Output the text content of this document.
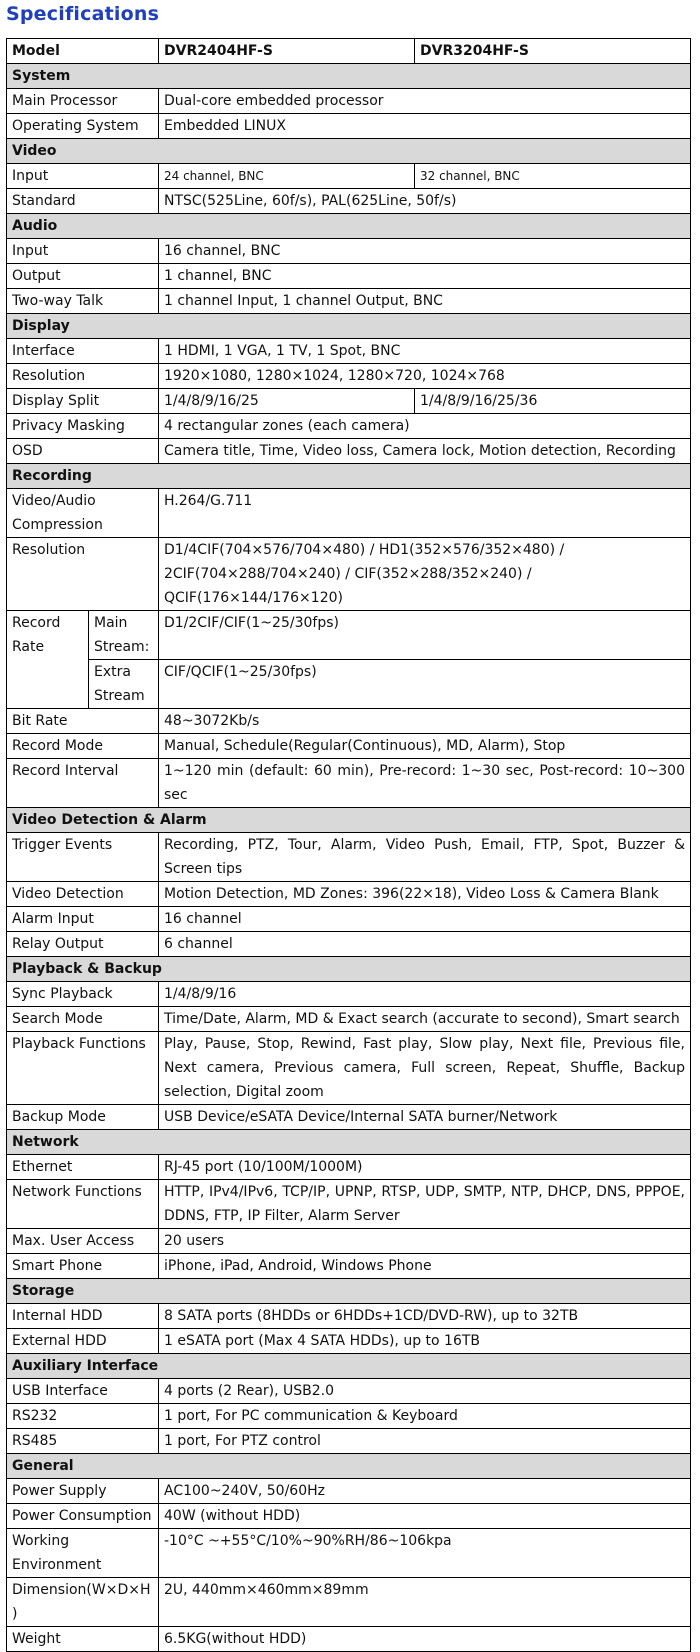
Specifications
Model		DVR2404HF-S	DVR3204HF-S
System			
Main Processor		Dual-core embedded processor	
Operating System		Embedded LINUX	
Video			
Input		24 channel, BNC	32 channel, BNC
Standard		NTSC(525Line, 60f/s), PAL(625Line, 50f/s)	
Audio			
Input		16 channel, BNC	
Output		1 channel, BNC	
Two-way Talk		1 channel Input, 1 channel Output, BNC	
Display			
Interface		1 HDMI, 1 VGA, 1 TV, 1 Spot, BNC	
Resolution		1920×1080, 1280×1024, 1280×720, 1024×768	
Display Split		1/4/8/9/16/25	1/4/8/9/16/25/36
Privacy Masking		4 rectangular zones (each camera)	
OSD		Camera title, Time, Video loss, Camera lock, Motion detection, Recording	
Recording			
Video/Audio Compression		H.264/G.711	
Resolution		D1/4CIF(704×576/704×480) / HD1(352×576/352×480) / 2CIF(704×288/704×240) / CIF(352×288/352×240) / QCIF(176×144/176×120)	
Record Rate	Main Stream:	D1/2CIF/CIF(1~25/30fps)	
	Extra Stream	CIF/QCIF(1~25/30fps)	
Bit Rate		48~3072Kb/s	
Record Mode		Manual, Schedule(Regular(Continuous), MD, Alarm), Stop	
Record Interval		1~120 min (default: 60 min), Pre-record: 1~30 sec, Post-record: 10~300 sec	
Video Detection & Alarm			
Trigger Events		Recording, PTZ, Tour, Alarm, Video Push, Email, FTP, Spot, Buzzer & Screen tips	
Video Detection		Motion Detection, MD Zones: 396(22×18), Video Loss & Camera Blank	
Alarm Input		16 channel	
Relay Output		6 channel	
Playback & Backup			
Sync Playback		1/4/8/9/16	
Search Mode		Time/Date, Alarm, MD & Exact search (accurate to second), Smart search	
Playback Functions		Play, Pause, Stop, Rewind, Fast play, Slow play, Next file, Previous file, Next camera, Previous camera, Full screen, Repeat, Shuffle, Backup selection, Digital zoom	
Backup Mode		USB Device/eSATA Device/Internal SATA burner/Network	
Network			
Ethernet		RJ-45 port (10/100M/1000M)	
Network Functions		HTTP, IPv4/IPv6, TCP/IP, UPNP, RTSP, UDP, SMTP, NTP, DHCP, DNS, PPPOE, DDNS, FTP, IP Filter, Alarm Server	
Max. User Access		20 users	
Smart Phone		iPhone, iPad, Android, Windows Phone	
Storage			
Internal HDD		8 SATA ports (8HDDs or 6HDDs+1CD/DVD-RW), up to 32TB	
External HDD		1 eSATA port (Max 4 SATA HDDs), up to 16TB	
Auxiliary Interface			
USB Interface		4 ports (2 Rear), USB2.0	
RS232		1 port, For PC communication & Keyboard	
RS485		1 port, For PTZ control	
General			
Power Supply		AC100~240V, 50/60Hz	
Power Consumption		40W (without HDD)	
Working Environment		-10°C ~+55°C/10%~90%RH/86~106kpa	
Dimension(W×D×H)		2U, 440mm×460mm×89mm	
Weight		6.5KG(without HDD)	
